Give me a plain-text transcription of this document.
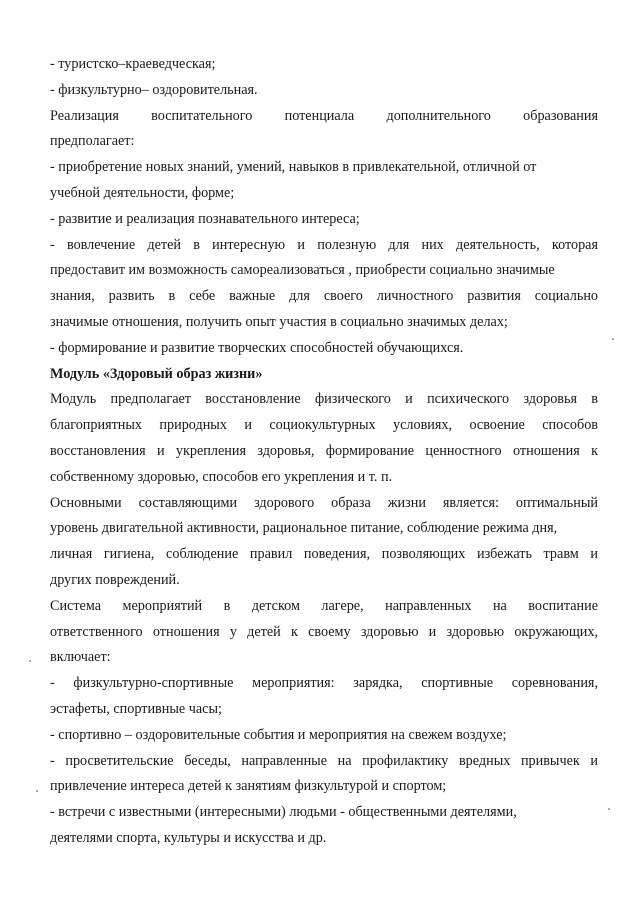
- туристско–краеведческая;
- физкультурно– оздоровительная.
Реализация воспитательного потенциала дополнительного образования
предполагает:
- приобретение новых знаний, умений, навыков в привлекательной, отличной от
учебной деятельности, форме;
- развитие и реализация познавательного интереса;
- вовлечение детей в интересную и полезную для них деятельность, которая
предоставит им возможность самореализоваться , приобрести социально значимые
знания, развить в себе важные для своего личностного развития социально
значимые отношения, получить опыт участия в социально значимых делах;
- формирование и развитие творческих способностей обучающихся.
Модуль «Здоровый образ жизни»
Модуль предполагает восстановление физического и психического здоровья в
благоприятных природных и социокультурных условиях, освоение способов
восстановления и укрепления здоровья, формирование ценностного отношения к
собственному здоровью, способов его укрепления и т. п.
Основными составляющими здорового образа жизни является: оптимальный
уровень двигательной активности, рациональное питание, соблюдение режима дня,
личная гигиена, соблюдение правил поведения, позволяющих избежать травм и
других повреждений.
Система мероприятий в детском лагере, направленных на воспитание
ответственного отношения у детей к своему здоровью и здоровью окружающих,
включает:
- физкультурно-спортивные мероприятия: зарядка, спортивные соревнования,
эстафеты, спортивные часы;
- спортивно – оздоровительные события и мероприятия на свежем воздухе;
- просветительские беседы, направленные на профилактику вредных привычек и
привлечение интереса детей к занятиям физкультурой и спортом;
- встречи с известными (интересными) людьми - общественными деятелями,
деятелями спорта, культуры и искусства и др.
